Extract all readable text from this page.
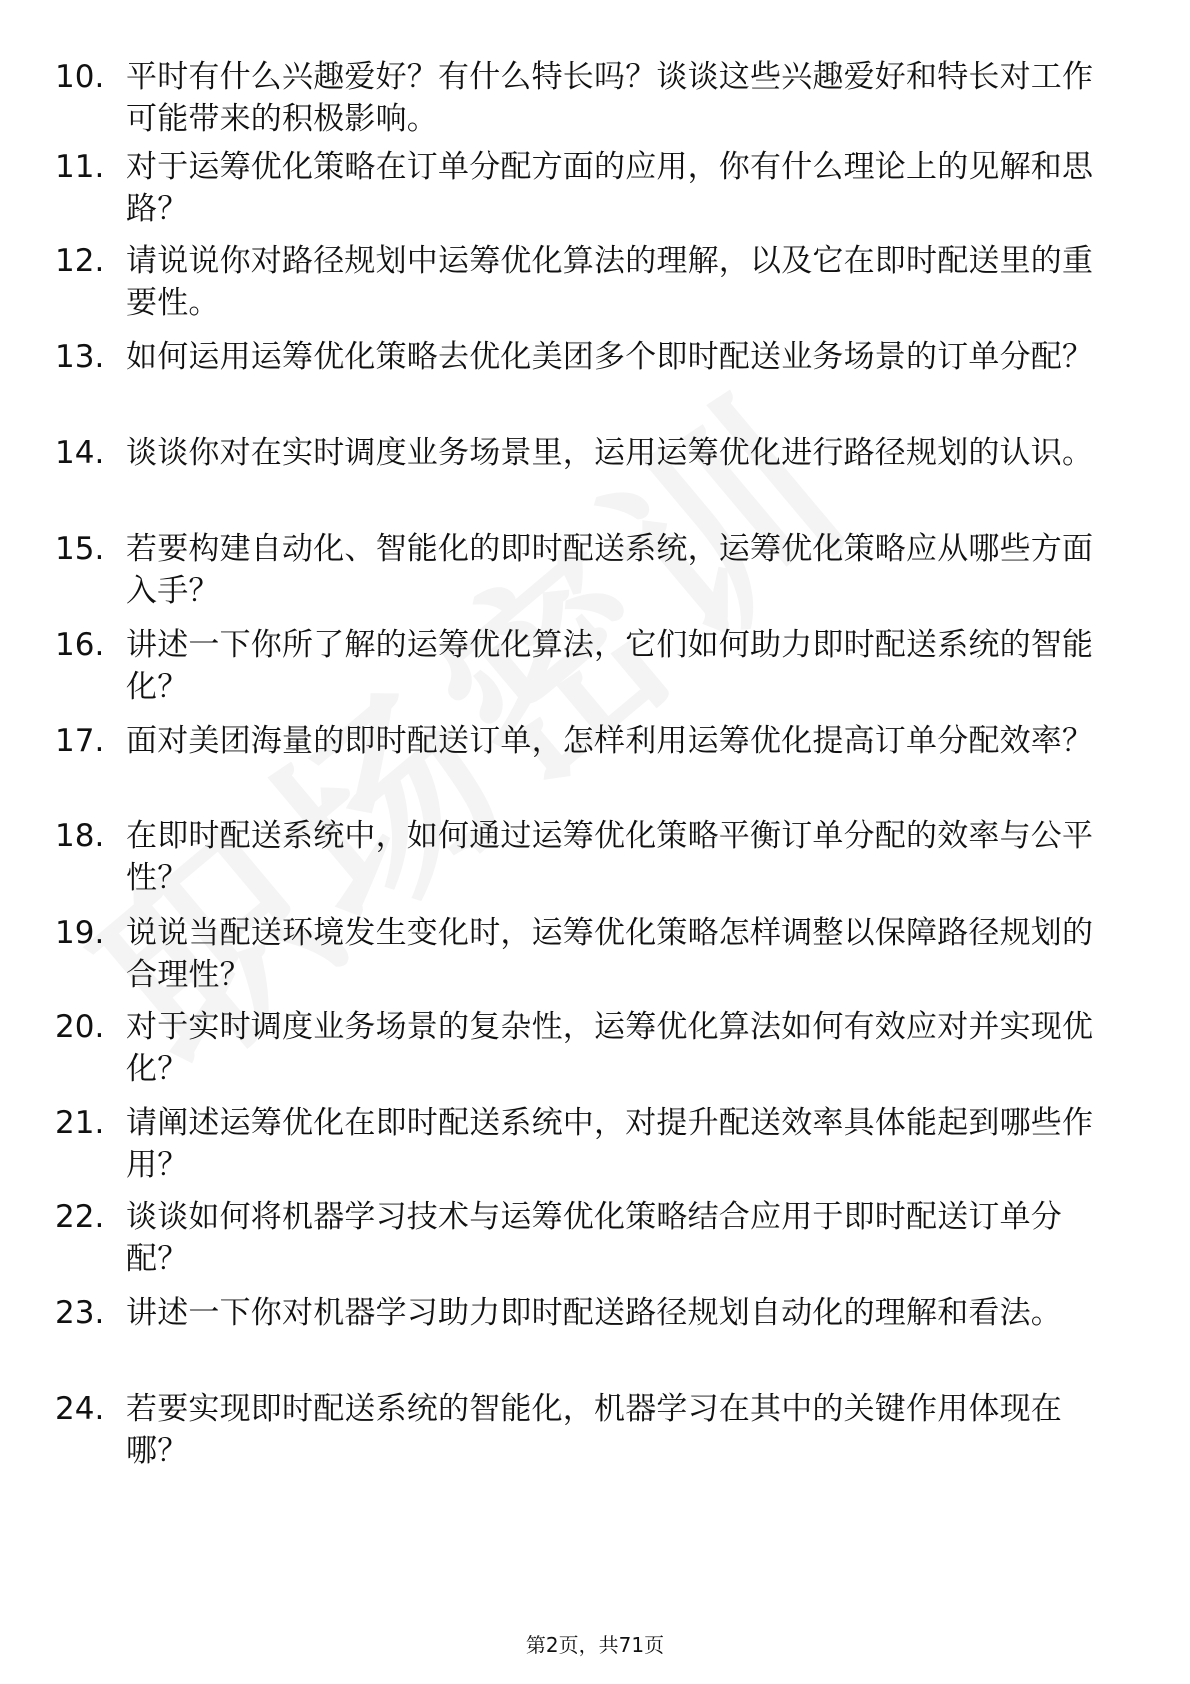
10. 平时有什么兴趣爱好？有什么特长吗？谈谈这些兴趣爱好和特长对工作可能带来的积极影响。
11. 对于运筹优化策略在订单分配方面的应用，你有什么理论上的见解和思路？
12. 请说说你对路径规划中运筹优化算法的理解，以及它在即时配送里的重要性。
13. 如何运用运筹优化策略去优化美团多个即时配送业务场景的订单分配？
14. 谈谈你对在实时调度业务场景里，运用运筹优化进行路径规划的认识。
15. 若要构建自动化、智能化的即时配送系统，运筹优化策略应从哪些方面入手？
16. 讲述一下你所了解的运筹优化算法，它们如何助力即时配送系统的智能化？
17. 面对美团海量的即时配送订单，怎样利用运筹优化提高订单分配效率？
18. 在即时配送系统中，如何通过运筹优化策略平衡订单分配的效率与公平性？
19. 说说当配送环境发生变化时，运筹优化策略怎样调整以保障路径规划的合理性？
20. 对于实时调度业务场景的复杂性，运筹优化算法如何有效应对并实现优化？
21. 请阐述运筹优化在即时配送系统中，对提升配送效率具体能起到哪些作用？
22. 谈谈如何将机器学习技术与运筹优化策略结合应用于即时配送订单分配？
23. 讲述一下你对机器学习助力即时配送路径规划自动化的理解和看法。
24. 若要实现即时配送系统的智能化，机器学习在其中的关键作用体现在哪？
第2页，共71页
